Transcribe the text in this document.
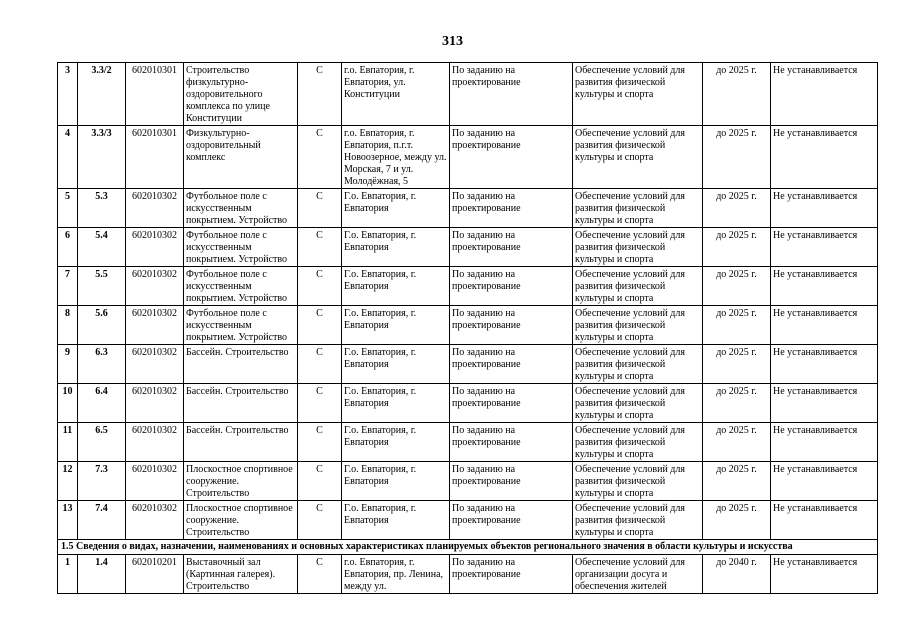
313
3	3.3/2	602010301	Строительство физкультурно-оздоровительного комплекса по улице Конституции	С	г.о. Евпатория, г. Евпатория, ул. Конституции	По заданию на проектирование	Обеспечение условий для развития физической культуры и спорта	до 2025 г.	Не устанавливается
4	3.3/3	602010301	Физкультурно-оздоровительный комплекс	С	г.о. Евпатория, г. Евпатория, п.г.т. Новоозерное, между ул. Морская, 7 и ул. Молодёжная, 5	По заданию на проектирование	Обеспечение условий для развития физической культуры и спорта	до 2025 г.	Не устанавливается
5	5.3	602010302	Футбольное поле с искусственным покрытием. Устройство	С	Г.о. Евпатория, г. Евпатория	По заданию на проектирование	Обеспечение условий для развития физической культуры и спорта	до 2025 г.	Не устанавливается
6	5.4	602010302	Футбольное поле с искусственным покрытием. Устройство	С	Г.о. Евпатория, г. Евпатория	По заданию на проектирование	Обеспечение условий для развития физической культуры и спорта	до 2025 г.	Не устанавливается
7	5.5	602010302	Футбольное поле с искусственным покрытием. Устройство	С	Г.о. Евпатория, г. Евпатория	По заданию на проектирование	Обеспечение условий для развития физической культуры и спорта	до 2025 г.	Не устанавливается
8	5.6	602010302	Футбольное поле с искусственным покрытием. Устройство	С	Г.о. Евпатория, г. Евпатория	По заданию на проектирование	Обеспечение условий для развития физической культуры и спорта	до 2025 г.	Не устанавливается
9	6.3	602010302	Бассейн. Строительство	С	Г.о. Евпатория, г. Евпатория	По заданию на проектирование	Обеспечение условий для развития физической культуры и спорта	до 2025 г.	Не устанавливается
10	6.4	602010302	Бассейн. Строительство	С	Г.о. Евпатория, г. Евпатория	По заданию на проектирование	Обеспечение условий для развития физической культуры и спорта	до 2025 г.	Не устанавливается
11	6.5	602010302	Бассейн. Строительство	С	Г.о. Евпатория, г. Евпатория	По заданию на проектирование	Обеспечение условий для развития физической культуры и спорта	до 2025 г.	Не устанавливается
12	7.3	602010302	Плоскостное спортивное сооружение. Строительство	С	Г.о. Евпатория, г. Евпатория	По заданию на проектирование	Обеспечение условий для развития физической культуры и спорта	до 2025 г.	Не устанавливается
13	7.4	602010302	Плоскостное спортивное сооружение. Строительство	С	Г.о. Евпатория, г. Евпатория	По заданию на проектирование	Обеспечение условий для развития физической культуры и спорта	до 2025 г.	Не устанавливается
1.5 Сведения о видах, назначении, наименованиях и основных характеристиках планируемых объектов регионального значения в области культуры и искусства									
1	1.4	602010201	Выставочный зал (Картинная галерея). Строительство	С	г.о. Евпатория, г. Евпатория, пр. Ленина, между ул.	По заданию на проектирование	Обеспечение условий для организации досуга и обеспечения жителей	до 2040 г.	Не устанавливается
